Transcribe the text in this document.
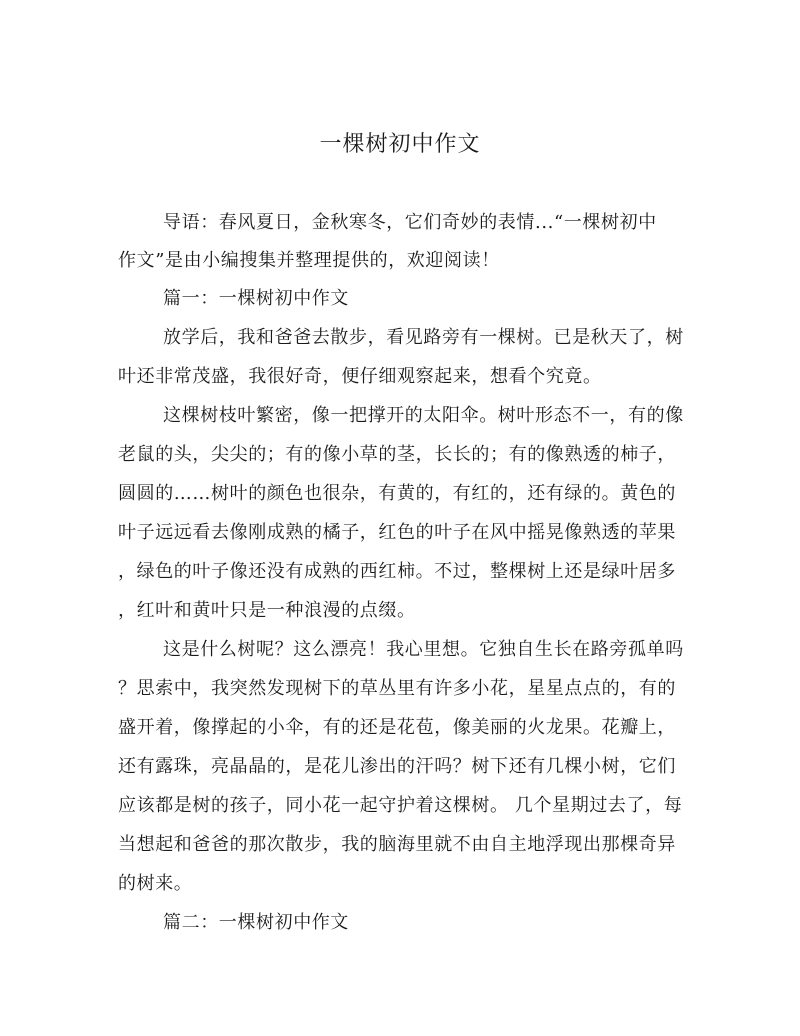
一棵树初中作文
导语：春风夏日，金秋寒冬，它们奇妙的表情...“一棵树初中
作文”是由小编搜集并整理提供的，欢迎阅读！
篇一：一棵树初中作文
放学后，我和爸爸去散步，看见路旁有一棵树。已是秋天了，树
叶还非常茂盛，我很好奇，便仔细观察起来，想看个究竟。
这棵树枝叶繁密，像一把撑开的太阳伞。树叶形态不一，有的像
老鼠的头，尖尖的；有的像小草的茎，长长的；有的像熟透的柿子，
圆圆的……树叶的颜色也很杂，有黄的，有红的，还有绿的。黄色的
叶子远远看去像刚成熟的橘子，红色的叶子在风中摇晃像熟透的苹果
，绿色的叶子像还没有成熟的西红柿。不过，整棵树上还是绿叶居多
，红叶和黄叶只是一种浪漫的点缀。
这是什么树呢？这么漂亮！我心里想。它独自生长在路旁孤单吗
？思索中，我突然发现树下的草丛里有许多小花，星星点点的，有的
盛开着，像撑起的小伞，有的还是花苞，像美丽的火龙果。花瓣上，
还有露珠，亮晶晶的，是花儿渗出的汗吗？树下还有几棵小树，它们
应该都是树的孩子，同小花一起守护着这棵树。 几个星期过去了，每
当想起和爸爸的那次散步，我的脑海里就不由自主地浮现出那棵奇异
的树来。
篇二：一棵树初中作文
